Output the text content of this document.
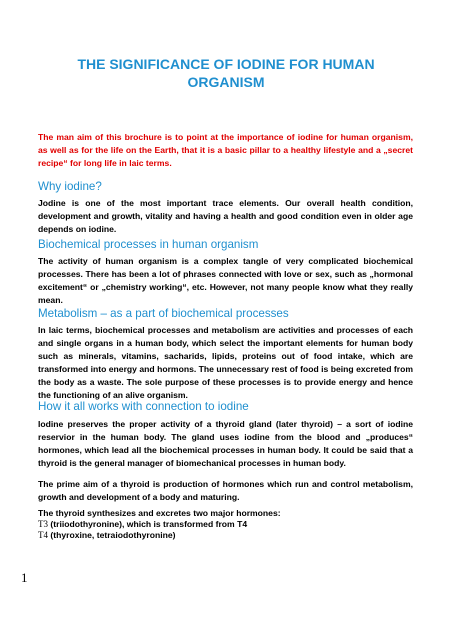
THE SIGNIFICANCE OF IODINE FOR HUMAN ORGANISM

The man aim of this brochure is to point at the importance of iodine for human organism, as well as for the life on the Earth, that it is a basic pillar to a healthy lifestyle and a „secret recipe“ for long life in laic terms.

Why iodine?

Jodine is one of the most important trace elements. Our overall health condition, development and growth, vitality and having a health and good condition even in older age depends on iodine.

Biochemical processes in human organism

The activity of human organism is a complex tangle of very complicated biochemical processes. There has been a lot of phrases connected with love or sex, such as „hormonal excitement“ or „chemistry working“, etc. However, not many people know what they really mean.

Metabolism – as a part of biochemical processes

In laic terms, biochemical processes and metabolism are activities and processes of each and single organs in a human body, which select the important elements for human body such as minerals, vitamins, sacharids, lipids, proteins out of food intake, which are transformed into energy and hormons. The unnecessary rest of food is being excreted from the body as a waste. The sole purpose of these processes is to provide energy and hence the functioning of an alive organism.

How it all works with connection to iodine

Iodine preserves the proper activity of a thyroid gland (later thyroid) – a sort of iodine reservior in the human body. The gland uses iodine from the blood and „produces“ hormones, which lead all the biochemical processes in human body. It could be said that a thyroid is the general manager of biomechanical processes in human body.

The prime aim of a thyroid is production of hormones which run and control metabolism, growth and development of a body and maturing.

The thyroid synthesizes and excretes two major hormones:
T3 (triiodothyronine), which is transformed from T4
T4 (thyroxine, tetraiodothyronine)
1
